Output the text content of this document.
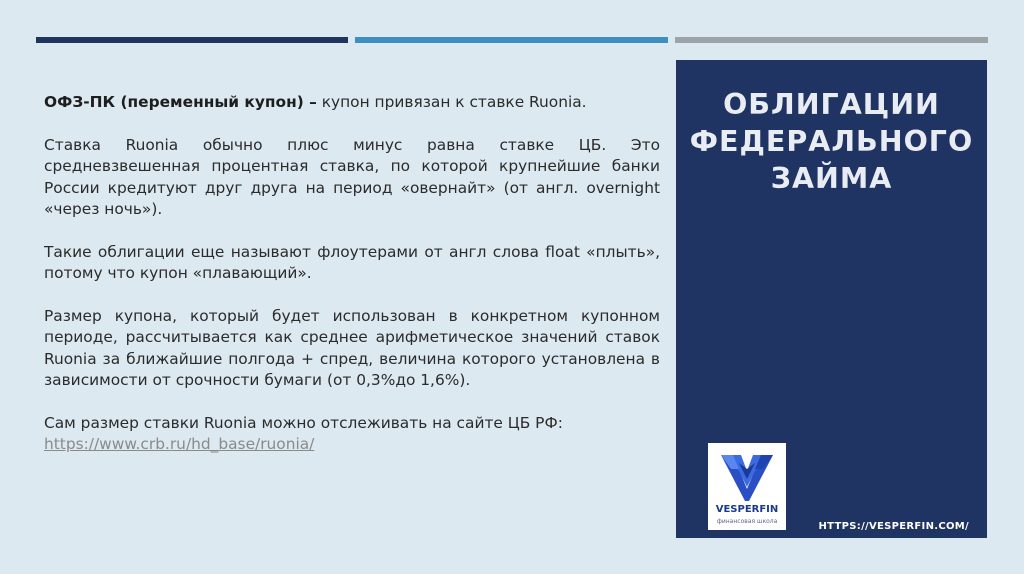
ОФЗ-ПК (переменный купон) – купон привязан к ставке Ruonia.

Ставка Ruonia обычно плюс минус равна ставке ЦБ. Это средневзвешенная процентная ставка, по которой крупнейшие банки России кредитуют друг друга на период «овернайт» (от англ. overnight «через ночь»).

Такие облигации еще называют флоутерами от англ слова float «плыть», потому что купон «плавающий».

Размер купона, который будет использован в конкретном купонном периоде, рассчитывается как среднее арифметическое значений ставок Ruonia за ближайшие полгода + спред, величина которого установлена в зависимости от срочности бумаги (от 0,3%до 1,6%).

Сам размер ставки Ruonia можно отслеживать на сайте ЦБ РФ:
https://www.crb.ru/hd_base/ruonia/

ОБЛИГАЦИИ
ФЕДЕРАЛЬНОГО
ЗАЙМА
VESPERFIN
финансовая школа	HTTPS://VESPERFIN.COM/
